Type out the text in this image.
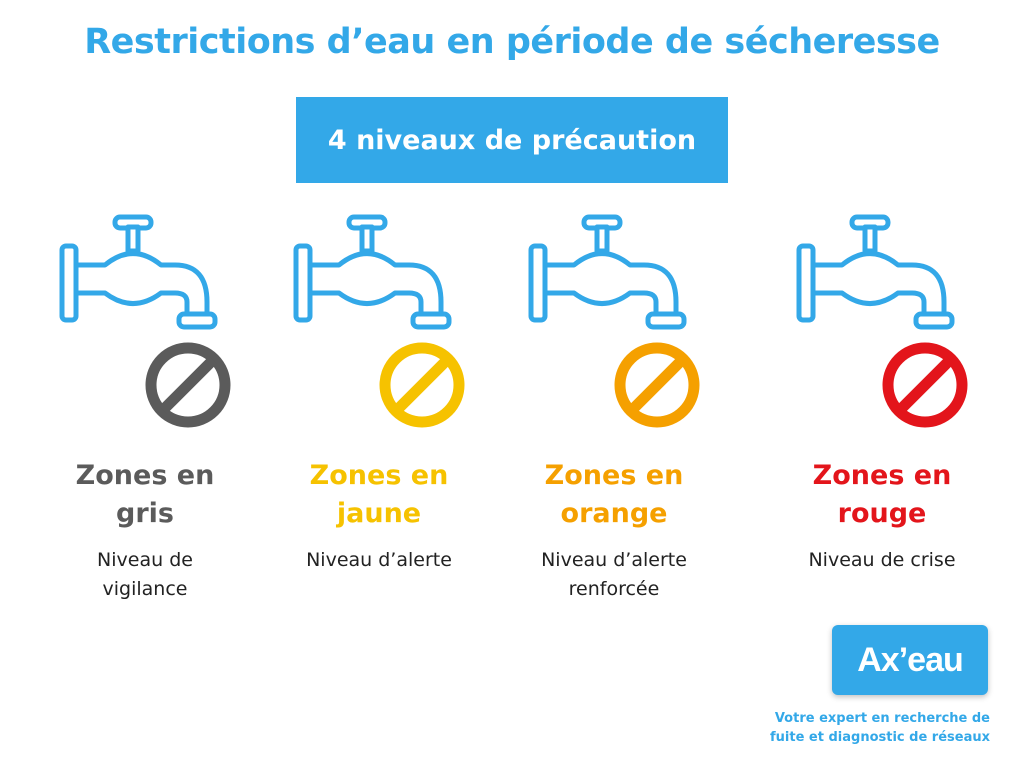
Restrictions d’eau en période de sécheresse
4 niveaux de précaution
Zones en
gris
Niveau de
vigilance
Zones en
jaune
Niveau d’alerte
Zones en
orange
Niveau d’alerte
renforcée
Zones en
rouge
Niveau de crise
Ax’eau
Votre expert en recherche de
fuite et diagnostic de réseaux
